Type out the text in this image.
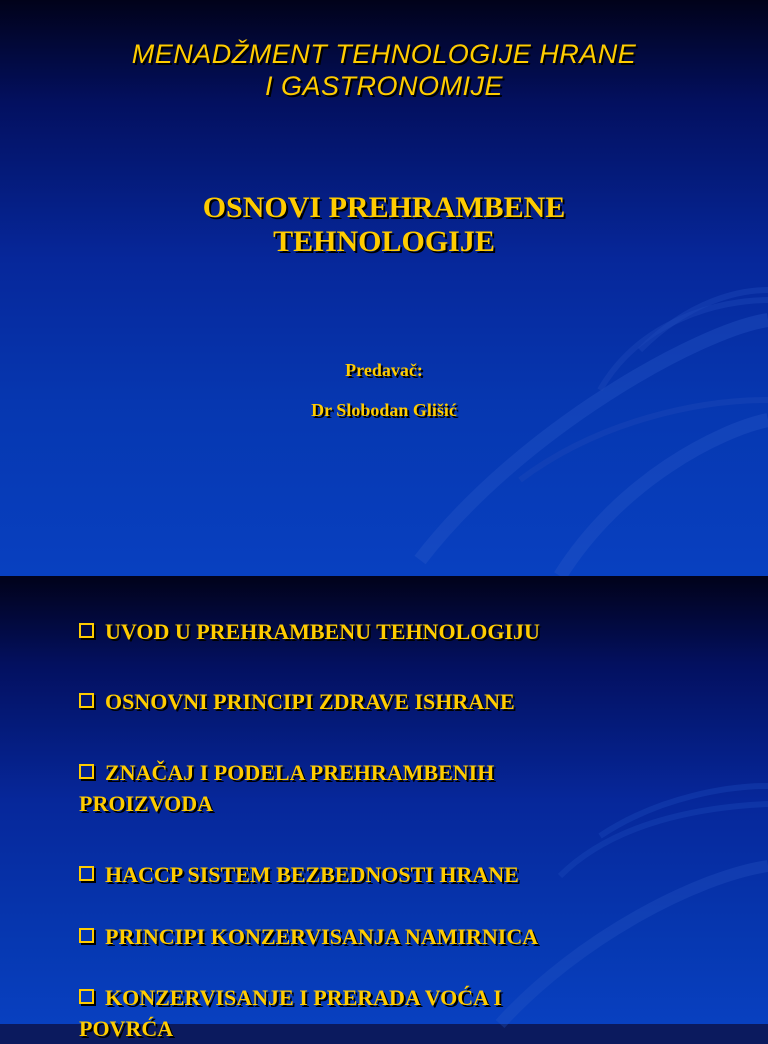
MENADŽMENT TEHNOLOGIJE HRANE
I GASTRONOMIJE
OSNOVI PREHRAMBENE
TEHNOLOGIJE
Predavač:
Dr Slobodan Glišić
UVOD U PREHRAMBENU TEHNOLOGIJU
OSNOVNI PRINCIPI ZDRAVE ISHRANE
ZNAČAJ I PODELA PREHRAMBENIH
PROIZVODA
HACCP SISTEM BEZBEDNOSTI HRANE
PRINCIPI KONZERVISANJA NAMIRNICA
KONZERVISANJE I PRERADA VOĆA I
POVRĆA
